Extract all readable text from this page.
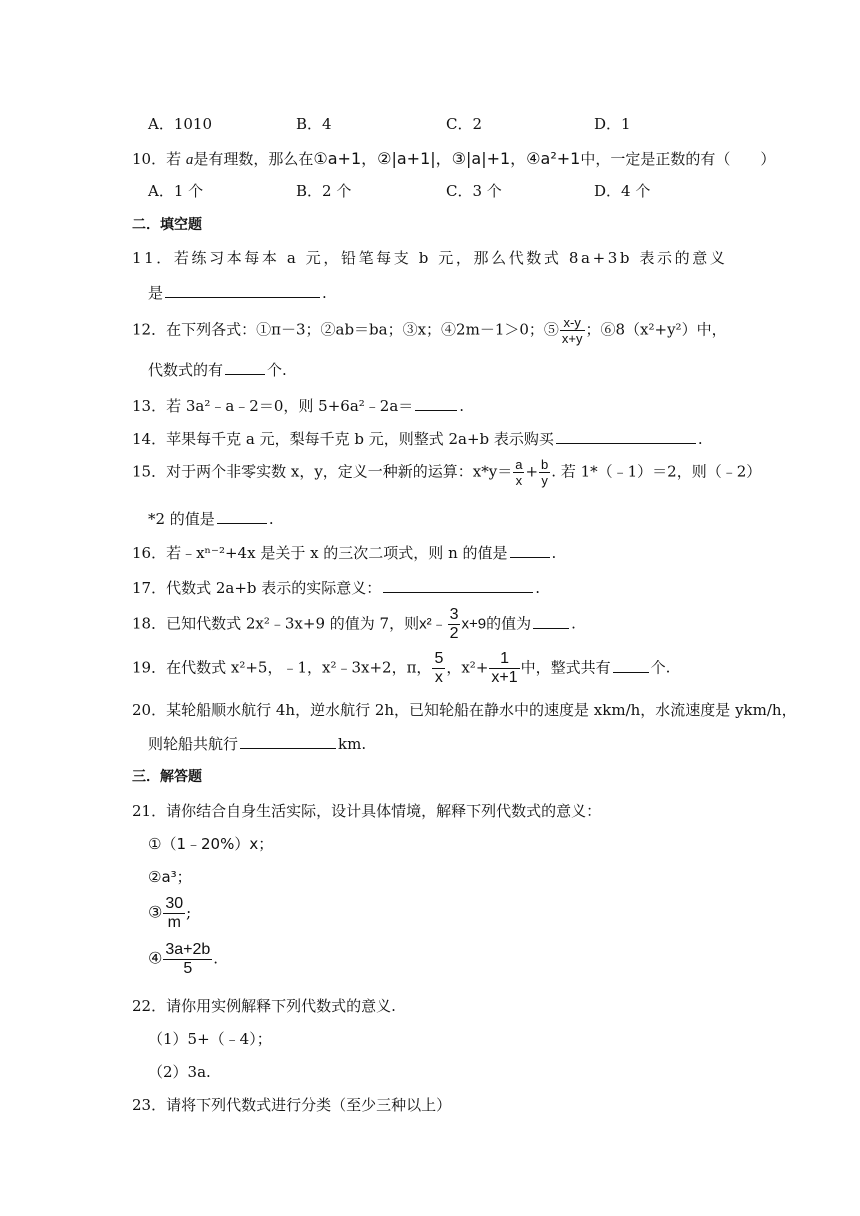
A．1010	B．4	C．2	D．1
10．若 a是有理数，那么在①a+1，②|a+1|，③|a|+1，④a²+1中，一定是正数的有（　　）
A．1 个	B．2 个	C．3 个	D．4 个
二．填空题
11．若练习本每本 a 元，铅笔每支 b 元，那么代数式 8a+3b 表示的意义
是	.
12．在下列各式：①π－3；②ab＝ba；③x；④2m－1＞0；⑤ $\frac{x-y}{x+y}$ ；⑥8（x²+y²）中，
代数式的有	个.
13．若 3a²﹣a﹣2＝0，则 5+6a²﹣2a＝	.
14．苹果每千克 a 元，梨每千克 b 元，则整式 2a+b 表示购买	.
15．对于两个非零实数 x，y，定义一种新的运算：$x*y= \frac{a}{x} + \frac{b}{y}$ . 若 1*（﹣1）＝2，则（﹣2）
*2 的值是	.
16．若﹣xⁿ⁻²+4x 是关于 x 的三次二项式，则 n 的值是	.
17．代数式 2a+b 表示的实际意义：	.
18．已知代数式 2x²﹣3x+9 的值为 7，则x²﹣ $\frac{3}{2} x+9$的值为	.
19．在代数式 x²+5，﹣1，x²﹣3x+2，π， $\frac{5}{x}$ ，$x^2+ \frac{1}{x+1}$ 中，整式共有	个.
20．某轮船顺水航行 4h，逆水航行 2h，已知轮船在静水中的速度是 xkm/h，水流速度是 ykm/h，
则轮船共航行	km.
三．解答题
21．请你结合自身生活实际，设计具体情境，解释下列代数式的意义：
①（1﹣20%）x；
②a³；
③ $\frac{30}{m}$ ;
④ $\frac{3a+2b}{5}$ .
22．请你用实例解释下列代数式的意义.
（1）5+（﹣4）；
（2）3a.
23．请将下列代数式进行分类（至少三种以上）
